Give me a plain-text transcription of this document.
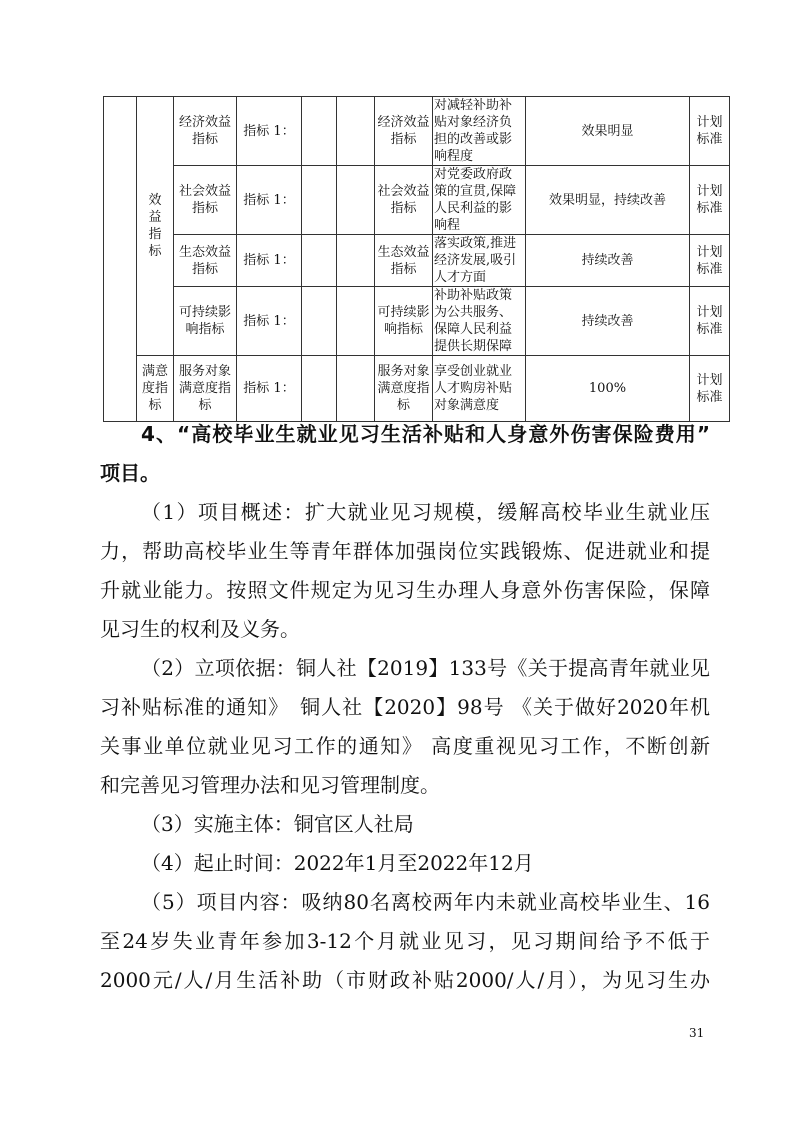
	效益指标	经济效益指标	指标 1：			经济效益指标	对减轻补助补贴对象经济负担的改善或影响程度	效果明显	计划标准
		社会效益指标	指标 1：			社会效益指标	对党委政府政策的宣贯,保障人民利益的影响程	效果明显，持续改善	计划标准
		生态效益指标	指标 1：			生态效益指标	落实政策,推进经济发展,吸引人才方面	持续改善	计划标准
		可持续影响指标	指标 1：			可持续影响指标	补助补贴政策为公共服务、保障人民利益提供长期保障	持续改善	计划标准
	满意度指标	服务对象满意度指标	指标 1：			服务对象满意度指标	享受创业就业人才购房补贴对象满意度	100%	计划标准
4、“高校毕业生就业见习生活补贴和人身意外伤害保险费用”
项目。
（1）项目概述：扩大就业见习规模，缓解高校毕业生就业压
力，帮助高校毕业生等青年群体加强岗位实践锻炼、促进就业和提
升就业能力。按照文件规定为见习生办理人身意外伤害保险，保障
见习生的权利及义务。
（2）立项依据：铜人社【2019】133号《关于提高青年就业见
习补贴标准的通知》　铜人社【2020】98号 《关于做好2020年机
关事业单位就业见习工作的通知》 高度重视见习工作，不断创新
和完善见习管理办法和见习管理制度。
（3）实施主体：铜官区人社局
（4）起止时间：2022年1月至2022年12月
（5）项目内容：吸纳80名离校两年内未就业高校毕业生、16
至24岁失业青年参加3-12个月就业见习，见习期间给予不低于
2000元/人/月生活补助（市财政补贴2000/人/月），为见习生办
31
